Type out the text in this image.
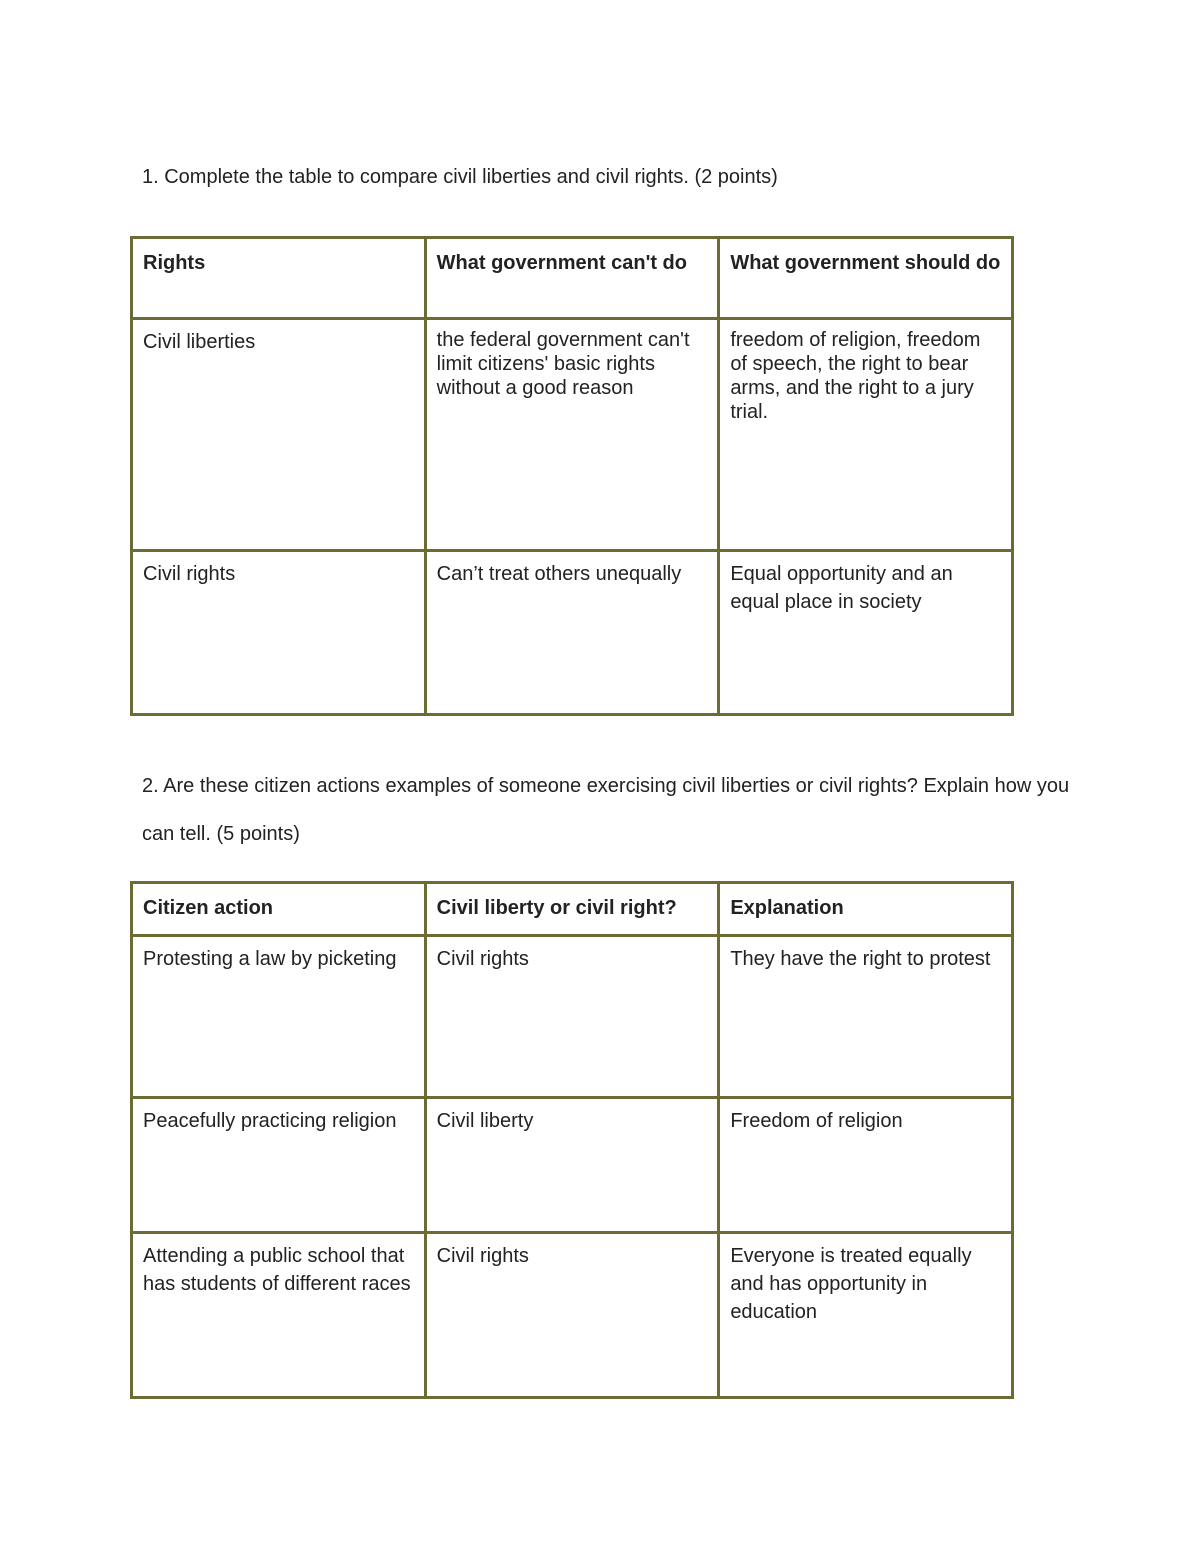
1. Complete the table to compare civil liberties and civil rights. (2 points)

Rights	What government can't do	What government should do
Civil liberties	the federal government can't limit citizens' basic rights without a good reason	freedom of religion, freedom of speech, the right to bear arms, and the right to a jury trial.
Civil rights	Can’t treat others unequally	Equal opportunity and an equal place in society

2. Are these citizen actions examples of someone exercising civil liberties or civil rights? Explain how you can tell. (5 points)

Citizen action	Civil liberty or civil right?	Explanation
Protesting a law by picketing	Civil rights	They have the right to protest
Peacefully practicing religion	Civil liberty	Freedom of religion
Attending a public school that has students of different races	Civil rights	Everyone is treated equally and has opportunity in education
